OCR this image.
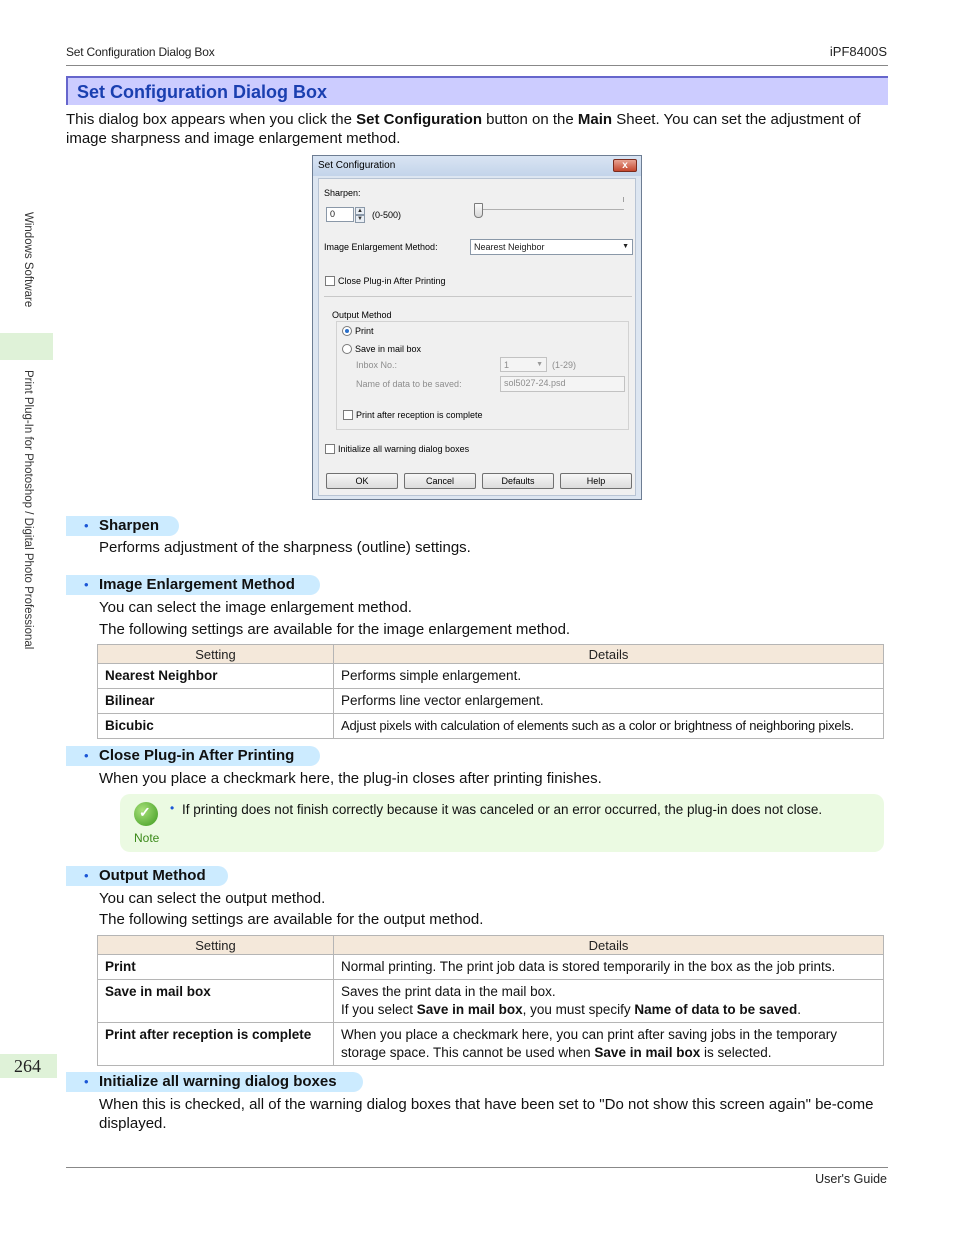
Set Configuration Dialog Box	iPF8400S
Windows Software
Print Plug-In for Photoshop / Digital Photo Professional
264
Set Configuration Dialog Box
This dialog box appears when you click the Set Configuration button on the Main Sheet. You can set the adjustment of image sharpness and image enlargement method.
Set Configuration	x
Sharpen:
0	▲
▼ (0-500)
Image Enlargement Method:	Nearest Neighbor ▼
Close Plug-in After Printing
Output Method
Print
Save in mail box
Inbox No.:	1 ▼	(1-29)
Name of data to be saved:	sol5027-24.psd
Print after reception is complete
Initialize all warning dialog boxes
OK	Cancel	Defaults	Help
• Sharpen
Performs adjustment of the sharpness (outline) settings.
• Image Enlargement Method
You can select the image enlargement method.
The following settings are available for the image enlargement method.
Setting	Details
Nearest Neighbor	Performs simple enlargement.
Bilinear	Performs line vector enlargement.
Bicubic	Adjust pixels with calculation of elements such as a color or brightness of neighboring pixels.
• Close Plug-in After Printing
When you place a checkmark here, the plug-in closes after printing finishes.
✓
Note
• If printing does not finish correctly because it was canceled or an error occurred, the plug-in does not close.
• Output Method
You can select the output method.
The following settings are available for the output method.
Setting	Details
Print	Normal printing. The print job data is stored temporarily in the box as the job prints.
Save in mail box	Saves the print data in the mail box.
If you select Save in mail box, you must specify Name of data to be saved.
Print after reception is complete	When you place a checkmark here, you can print after saving jobs in the temporary storage space. This cannot be used when Save in mail box is selected.
• Initialize all warning dialog boxes
When this is checked, all of the warning dialog boxes that have been set to "Do not show this screen again" be-come displayed.
User's Guide
